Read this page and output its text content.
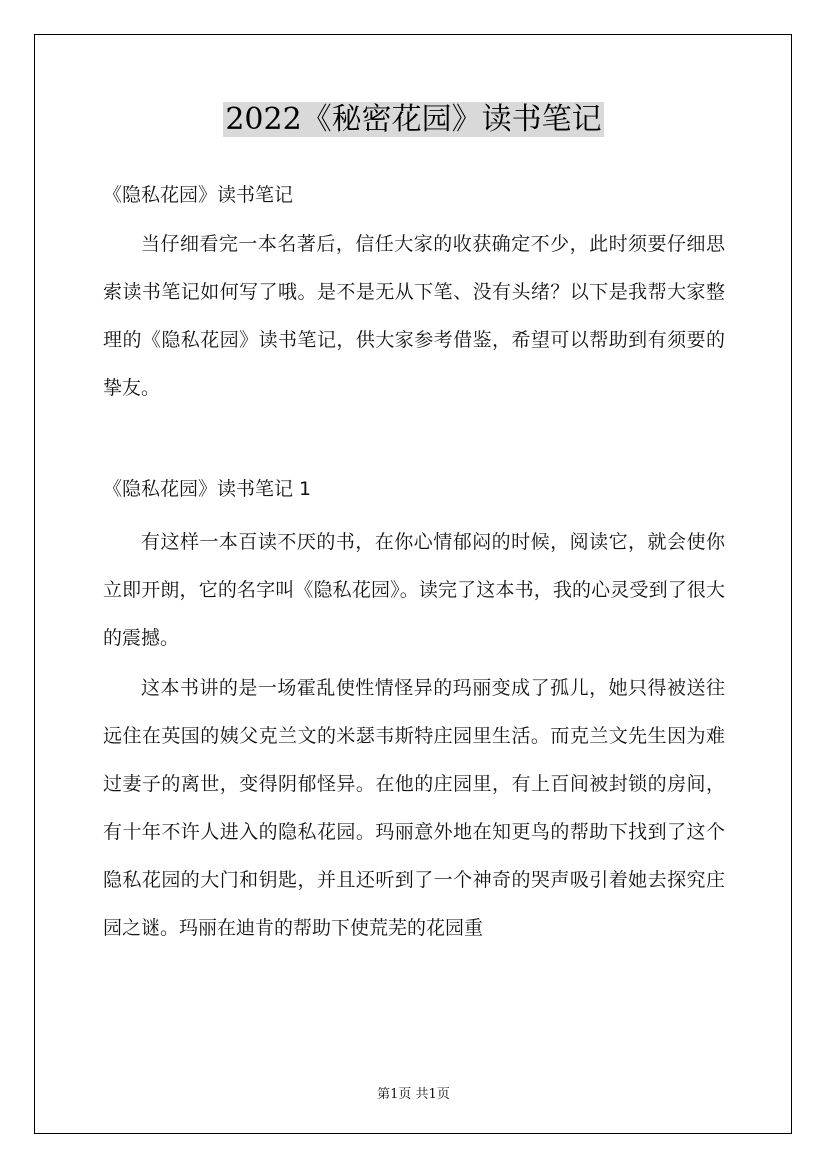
2022《秘密花园》读书笔记

《隐私花园》读书笔记

当仔细看完一本名著后，信任大家的收获确定不少，此时须要仔细思索读书笔记如何写了哦。是不是无从下笔、没有头绪？以下是我帮大家整理的《隐私花园》读书笔记，供大家参考借鉴，希望可以帮助到有须要的挚友。

《隐私花园》读书笔记 1

有这样一本百读不厌的书，在你心情郁闷的时候，阅读它，就会使你立即开朗，它的名字叫《隐私花园》。读完了这本书，我的心灵受到了很大的震撼。

这本书讲的是一场霍乱使性情怪异的玛丽变成了孤儿，她只得被送往远住在英国的姨父克兰文的米瑟韦斯特庄园里生活。而克兰文先生因为难过妻子的离世，变得阴郁怪异。在他的庄园里，有上百间被封锁的房间，有十年不许人进入的隐私花园。玛丽意外地在知更鸟的帮助下找到了这个隐私花园的大门和钥匙，并且还听到了一个神奇的哭声吸引着她去探究庄园之谜。玛丽在迪肯的帮助下使荒芜的花园重

第1页 共1页
